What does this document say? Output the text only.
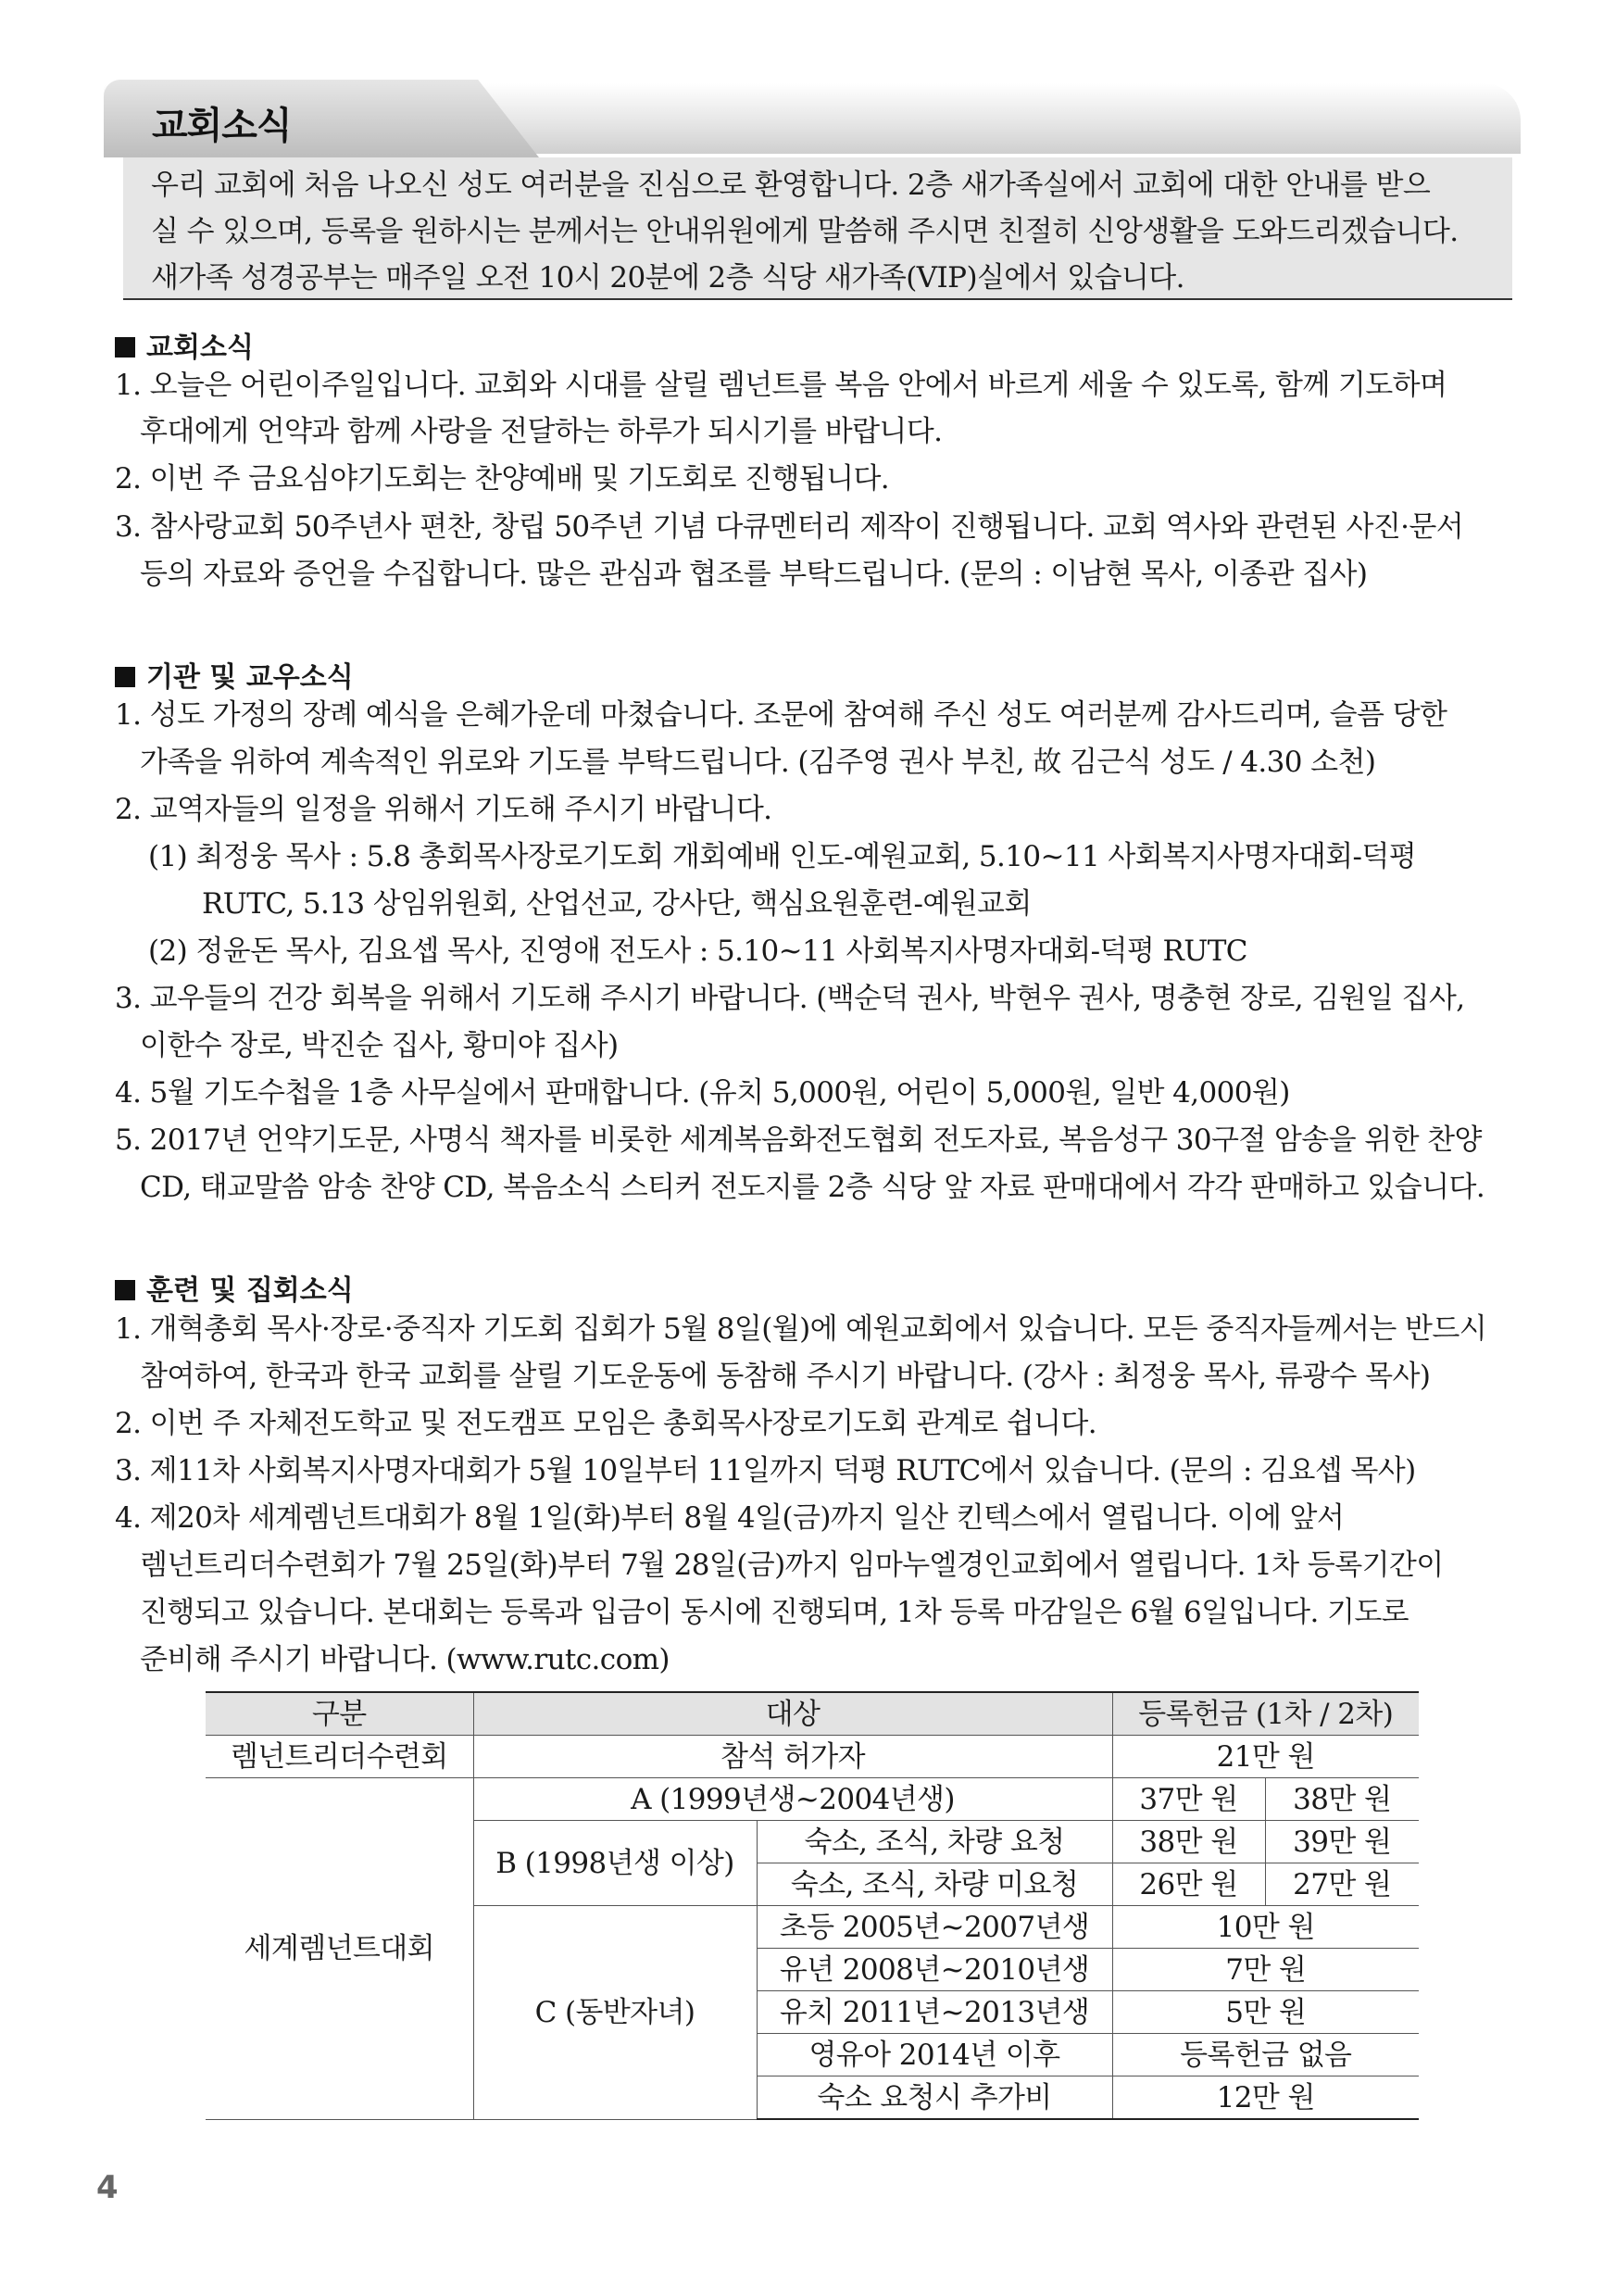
교회소식

우리 교회에 처음 나오신 성도 여러분을 진심으로 환영합니다. 2층 새가족실에서 교회에 대한 안내를 받으

실 수 있으며, 등록을 원하시는 분께서는 안내위원에게 말씀해 주시면 친절히 신앙생활을 도와드리겠습니다.

새가족 성경공부는 매주일 오전 10시 20분에 2층 식당 새가족(VIP)실에서 있습니다.

교회소식
1. 오늘은 어린이주일입니다. 교회와 시대를 살릴 렘넌트를 복음 안에서 바르게 세울 수 있도록, 함께 기도하며
후대에게 언약과 함께 사랑을 전달하는 하루가 되시기를 바랍니다.
2. 이번 주 금요심야기도회는 찬양예배 및 기도회로 진행됩니다.
3. 참사랑교회 50주년사 편찬, 창립 50주년 기념 다큐멘터리 제작이 진행됩니다. 교회 역사와 관련된 사진·문서
등의 자료와 증언을 수집합니다. 많은 관심과 협조를 부탁드립니다. (문의 : 이남현 목사, 이종관 집사)
기관 및 교우소식
1. 성도 가정의 장례 예식을 은혜가운데 마쳤습니다. 조문에 참여해 주신 성도 여러분께 감사드리며, 슬픔 당한
가족을 위하여 계속적인 위로와 기도를 부탁드립니다. (김주영 권사 부친, 故 김근식 성도 / 4.30 소천)
2. 교역자들의 일정을 위해서 기도해 주시기 바랍니다.
(1) 최정웅 목사 : 5.8 총회목사장로기도회 개회예배 인도-예원교회, 5.10~11 사회복지사명자대회-덕평
RUTC, 5.13 상임위원회, 산업선교, 강사단, 핵심요원훈련-예원교회
(2) 정윤돈 목사, 김요셉 목사, 진영애 전도사 : 5.10~11 사회복지사명자대회-덕평 RUTC
3. 교우들의 건강 회복을 위해서 기도해 주시기 바랍니다. (백순덕 권사, 박현우 권사, 명충현 장로, 김원일 집사,
이한수 장로, 박진순 집사, 황미야 집사)
4. 5월 기도수첩을 1층 사무실에서 판매합니다. (유치 5,000원, 어린이 5,000원, 일반 4,000원)
5. 2017년 언약기도문, 사명식 책자를 비롯한 세계복음화전도협회 전도자료, 복음성구 30구절 암송을 위한 찬양
CD, 태교말씀 암송 찬양 CD, 복음소식 스티커 전도지를 2층 식당 앞 자료 판매대에서 각각 판매하고 있습니다.
훈련 및 집회소식
1. 개혁총회 목사·장로·중직자 기도회 집회가 5월 8일(월)에 예원교회에서 있습니다. 모든 중직자들께서는 반드시
참여하여, 한국과 한국 교회를 살릴 기도운동에 동참해 주시기 바랍니다. (강사 : 최정웅 목사, 류광수 목사)
2. 이번 주 자체전도학교 및 전도캠프 모임은 총회목사장로기도회 관계로 쉽니다.
3. 제11차 사회복지사명자대회가 5월 10일부터 11일까지 덕평 RUTC에서 있습니다. (문의 : 김요셉 목사)
4. 제20차 세계렘넌트대회가 8월 1일(화)부터 8월 4일(금)까지 일산 킨텍스에서 열립니다. 이에 앞서
렘넌트리더수련회가 7월 25일(화)부터 7월 28일(금)까지 임마누엘경인교회에서 열립니다. 1차 등록기간이
진행되고 있습니다. 본대회는 등록과 입금이 동시에 진행되며, 1차 등록 마감일은 6월 6일입니다. 기도로
준비해 주시기 바랍니다. (www.rutc.com)
구분	대상		등록헌금 (1차 / 2차)	
렘넌트리더수련회	참석 허가자		21만 원	
세계렘넌트대회	A (1999년생~2004년생)		37만 원	38만 원
	B (1998년생 이상)	숙소, 조식, 차량 요청	38만 원	39만 원
		숙소, 조식, 차량 미요청	26만 원	27만 원
	C (동반자녀)	초등 2005년~2007년생	10만 원	
		유년 2008년~2010년생	7만 원	
		유치 2011년~2013년생	5만 원	
		영유아 2014년 이후	등록헌금 없음	
		숙소 요청시 추가비	12만 원	
4
